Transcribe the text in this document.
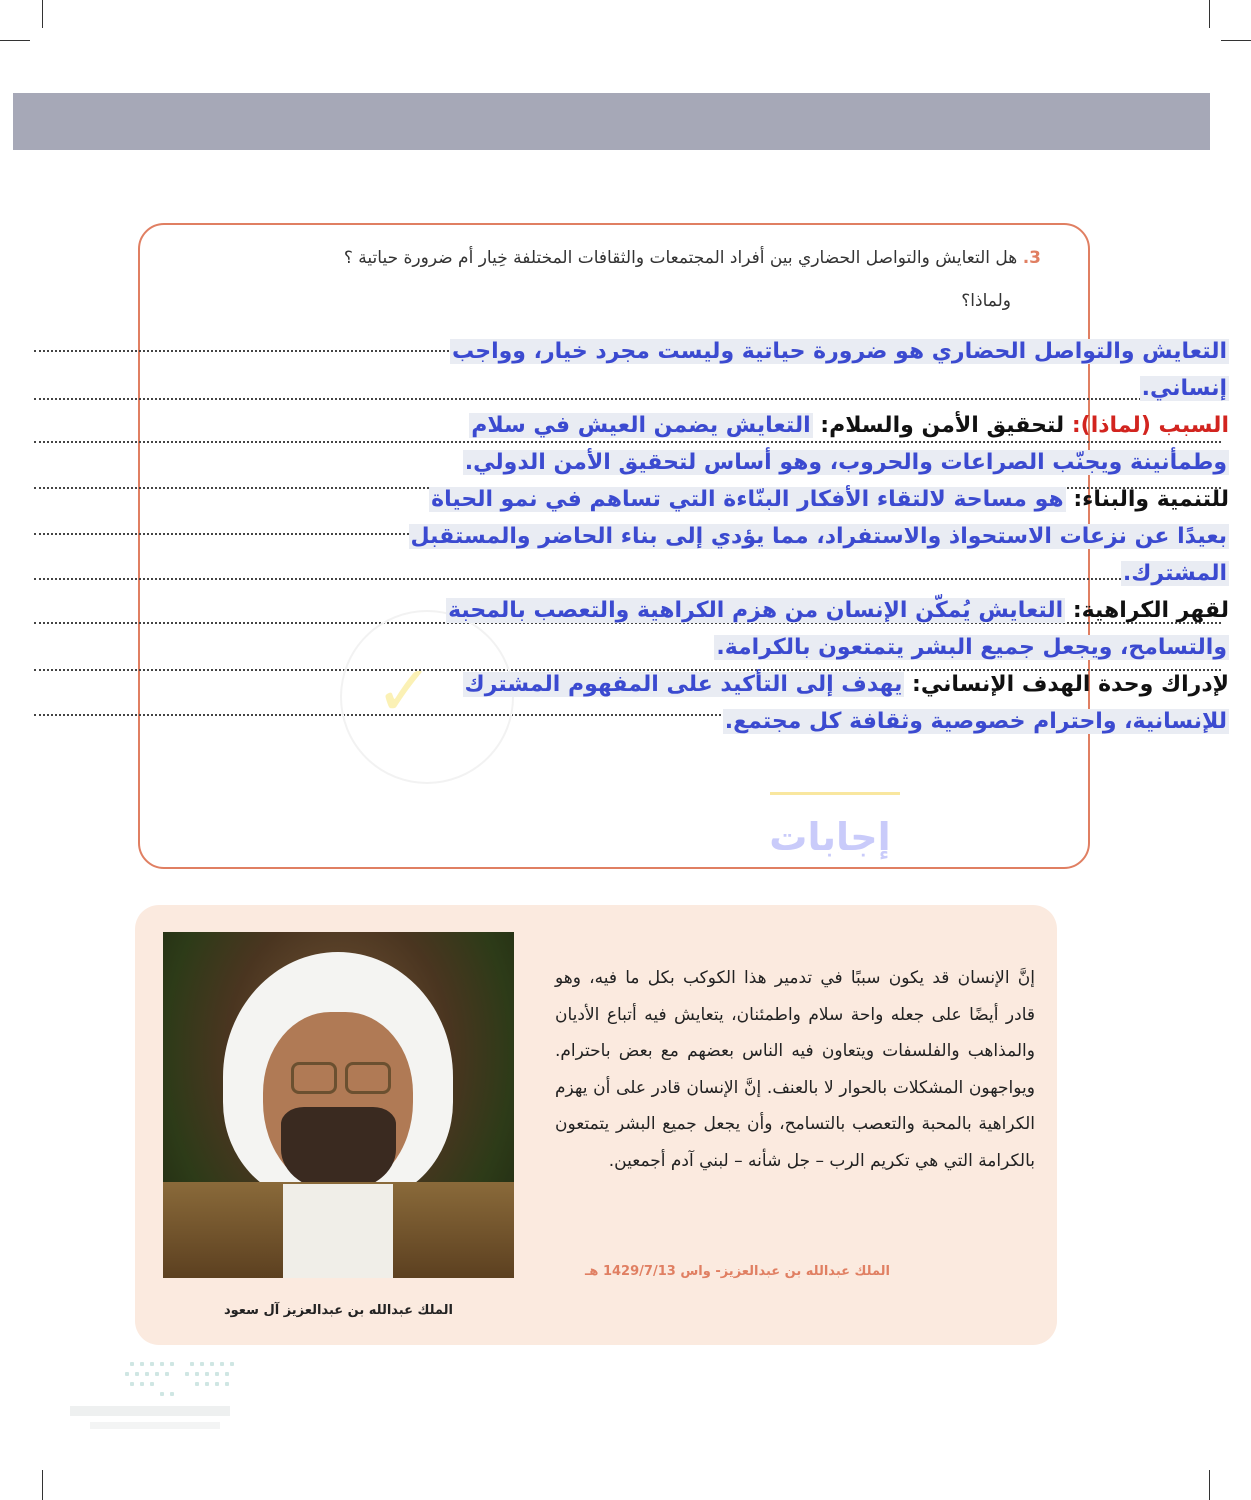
3. هل التعايش والتواصل الحضاري بين أفراد المجتمعات والثقافات المختلفة خِيار أم ضرورة حياتية ؟
ولماذا؟
✓
التعايش والتواصل الحضاري هو ضرورة حياتية وليست مجرد خيار، وواجب
إنساني.
السبب (لماذا): لتحقيق الأمن والسلام: التعايش يضمن العيش في سلام
وطمأنينة ويجنّب الصراعات والحروب، وهو أساس لتحقيق الأمن الدولي.
للتنمية والبناء: هو مساحة لالتقاء الأفكار البنّاءة التي تساهم في نمو الحياة
بعيدًا عن نزعات الاستحواذ والاستفراد، مما يؤدي إلى بناء الحاضر والمستقبل
المشترك.
لقهر الكراهية: التعايش يُمكّن الإنسان من هزم الكراهية والتعصب بالمحبة
والتسامح، ويجعل جميع البشر يتمتعون بالكرامة.
لإدراك وحدة الهدف الإنساني: يهدف إلى التأكيد على المفهوم المشترك
للإنسانية، واحترام خصوصية وثقافة كل مجتمع.
إجابات
الملك عبدالله بن عبدالعزيز آل سعود
إنَّ الإنسان قد يكون سببًا في تدمير هذا الكوكب بكل ما فيه، وهو قادر أيضًا على جعله واحة سلام واطمئنان، يتعايش فيه أتباع الأديان والمذاهب والفلسفات ويتعاون فيه الناس بعضهم مع بعض باحترام. ويواجهون المشكلات بالحوار لا بالعنف. إنَّ الإنسان قادر على أن يهزم الكراهية بالمحبة والتعصب بالتسامح، وأن يجعل جميع البشر يتمتعون بالكرامة التي هي تكريم الرب – جل شأنه – لبني آدم أجمعين.
الملك عبدالله بن عبدالعزيز- واس 1429/7/13 هـ
